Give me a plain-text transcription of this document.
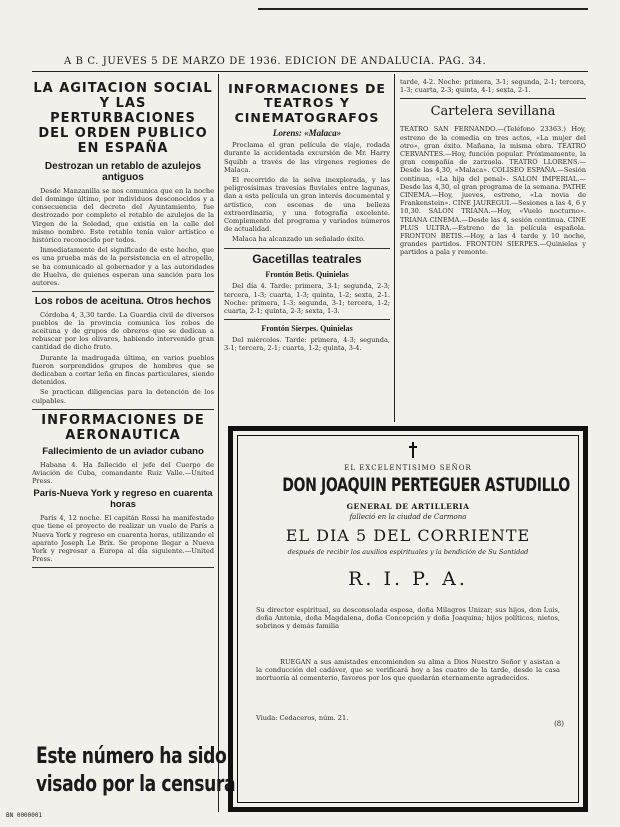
A B C. JUEVES 5 DE MARZO DE 1936. EDICION DE ANDALUCIA. PAG. 34.
LA AGITACION SOCIAL Y LAS PERTURBACIONES DEL ORDEN PUBLICO EN ESPAÑA
Destrozan un retablo de azulejos antiguos

Desde Manzanilla se nos comunica que en la noche del domingo último, por individuos desconocidos y a consecuencia del decreto del Ayuntamiento, fue destrozado por completo el retablo de azulejos de la Virgen de la Soledad, que existía en la calle del mismo nombre. Este retablo tenía valor artístico e histórico reconocido por todos.

Inmediatamente del significado de este hecho, que es una prueba más de la persistencia en el atropello, se ha comunicado al gobernador y a las autoridades de Huelva, de quienes esperan una sanción para los autores.

Los robos de aceituna. Otros hechos

Córdoba 4, 3,30 tarde. La Guardia civil de diversos pueblos de la provincia comunica los robos de aceituna y de grupos de obreros que se dedican a rebuscar por los olivares, habiendo intervenido gran cantidad de dicho fruto.

Durante la madrugada última, en varios pueblos fueron sorprendidos grupos de hombres que se dedicaban a cortar leña en fincas particulares, siendo detenidos.

Se practican diligencias para la detención de los culpables.

INFORMACIONES DE AERONAUTICA
Fallecimiento de un aviador cubano

Habana 4. Ha fallecido el jefe del Cuerpo de Aviación de Cuba, comandante Ruiz Valle.—United Press.

París-Nueva York y regreso en cuarenta horas

París 4, 12 noche. El capitán Rossi ha manifestado que tiene el proyecto de realizar un vuelo de París a Nueva York y regreso en cuarenta horas, utilizando el aparato Joseph Le Brix. Se propone llegar a Nueva York y regresar a Europa al día siguiente.—United Press.

Este número ha sido
visado por la censura
INFORMACIONES DE TEATROS Y CINEMATOGRAFOS
Lorens: «Malaca»

Proclama el gran película de viaje, rodada durante la accidentada excursión de Mr. Harry Squibb a través de las vírgenes regiones de Malaca.

El recorrido de la selva inexplorada, y las peligrosísimas travesías fluviales entre lagunas, dan a esta película un gran interés documental y artístico, con escenas de una belleza extraordinaria, y una fotografía excelente. Complemento del programa y variados números de actualidad.

Malaca ha alcanzado un señalado éxito.

Gacetillas teatrales
Frontón Betis. Quinielas

Del día 4. Tarde: primera, 3-1; segunda, 2-3; tercera, 1-3; cuarta, 1-3; quinta, 1-2; sexta, 2-1. Noche: primera, 1-3; segunda, 3-1; tercera, 1-2; cuarta, 2-1; quinta, 2-3; sexta, 1-3.

Frontón Sierpes. Quinielas

Del miércoles. Tarde: primera, 4-3; segunda, 3-1; tercera, 2-1; cuarta, 1-2; quinta, 3-4.

tarde, 4-2. Noche: primera, 3-1; segunda, 2-1; tercera, 1-3; cuarta, 2-3; quinta, 4-1; sexta, 2-1.
Cartelera sevillana
TEATRO SAN FERNANDO.—(Teléfono 23363.) Hoy, estreno de la comedia en tres actos, «La mujer del otro», gran éxito. Mañana, la misma obra. TEATRO CERVANTES.—Hoy, función popular. Próximamente, la gran compañía de zarzuela. TEATRO LLORENS.—Desde las 4,30, «Malaca». COLISEO ESPAÑA.—Sesión continua, «La hija del penal». SALON IMPERIAL.—Desde las 4,30, el gran programa de la semana. PATHE CINEMA.—Hoy, jueves, estreno, «La novia de Frankenstein». CINE JAUREGUI.—Sesiones a las 4, 6 y 10,30. SALON TRIANA.—Hoy, «Vuelo nocturno». TRIANA CINEMA.—Desde las 4, sesión continua. CINE PLUS ULTRA.—Estreno de la película española. FRONTON BETIS.—Hoy, a las 4 tarde y 10 noche, grandes partidos. FRONTON SIERPES.—Quinielas y partidos a pala y remonte.
EL EXCELENTISIMO SEÑOR
DON JOAQUIN PERTEGUER ASTUDILLO
GENERAL DE ARTILLERIA
falleció en la ciudad de Carmona
EL DIA 5 DEL CORRIENTE
después de recibir los auxilios espirituales y la bendición de Su Santidad
R. I. P. A.
Su director espiritual, su desconsolada esposa, doña Milagros Unizar; sus hijos, don Luis, doña Antonia, doña Magdalena, doña Concepción y doña Joaquina; hijos políticos, nietos, sobrinos y demás familia
RUEGAN a sus amistades encomienden su alma a Dios Nuestro Señor y asistan a la conducción del cadáver, que se verificará hoy a las cuatro de la tarde, desde la casa mortuoria al cementerio, favores por los que quedarán eternamente agradecidos.
Viuda: Cedaceros, núm. 21.
(8)
BN 0000001
